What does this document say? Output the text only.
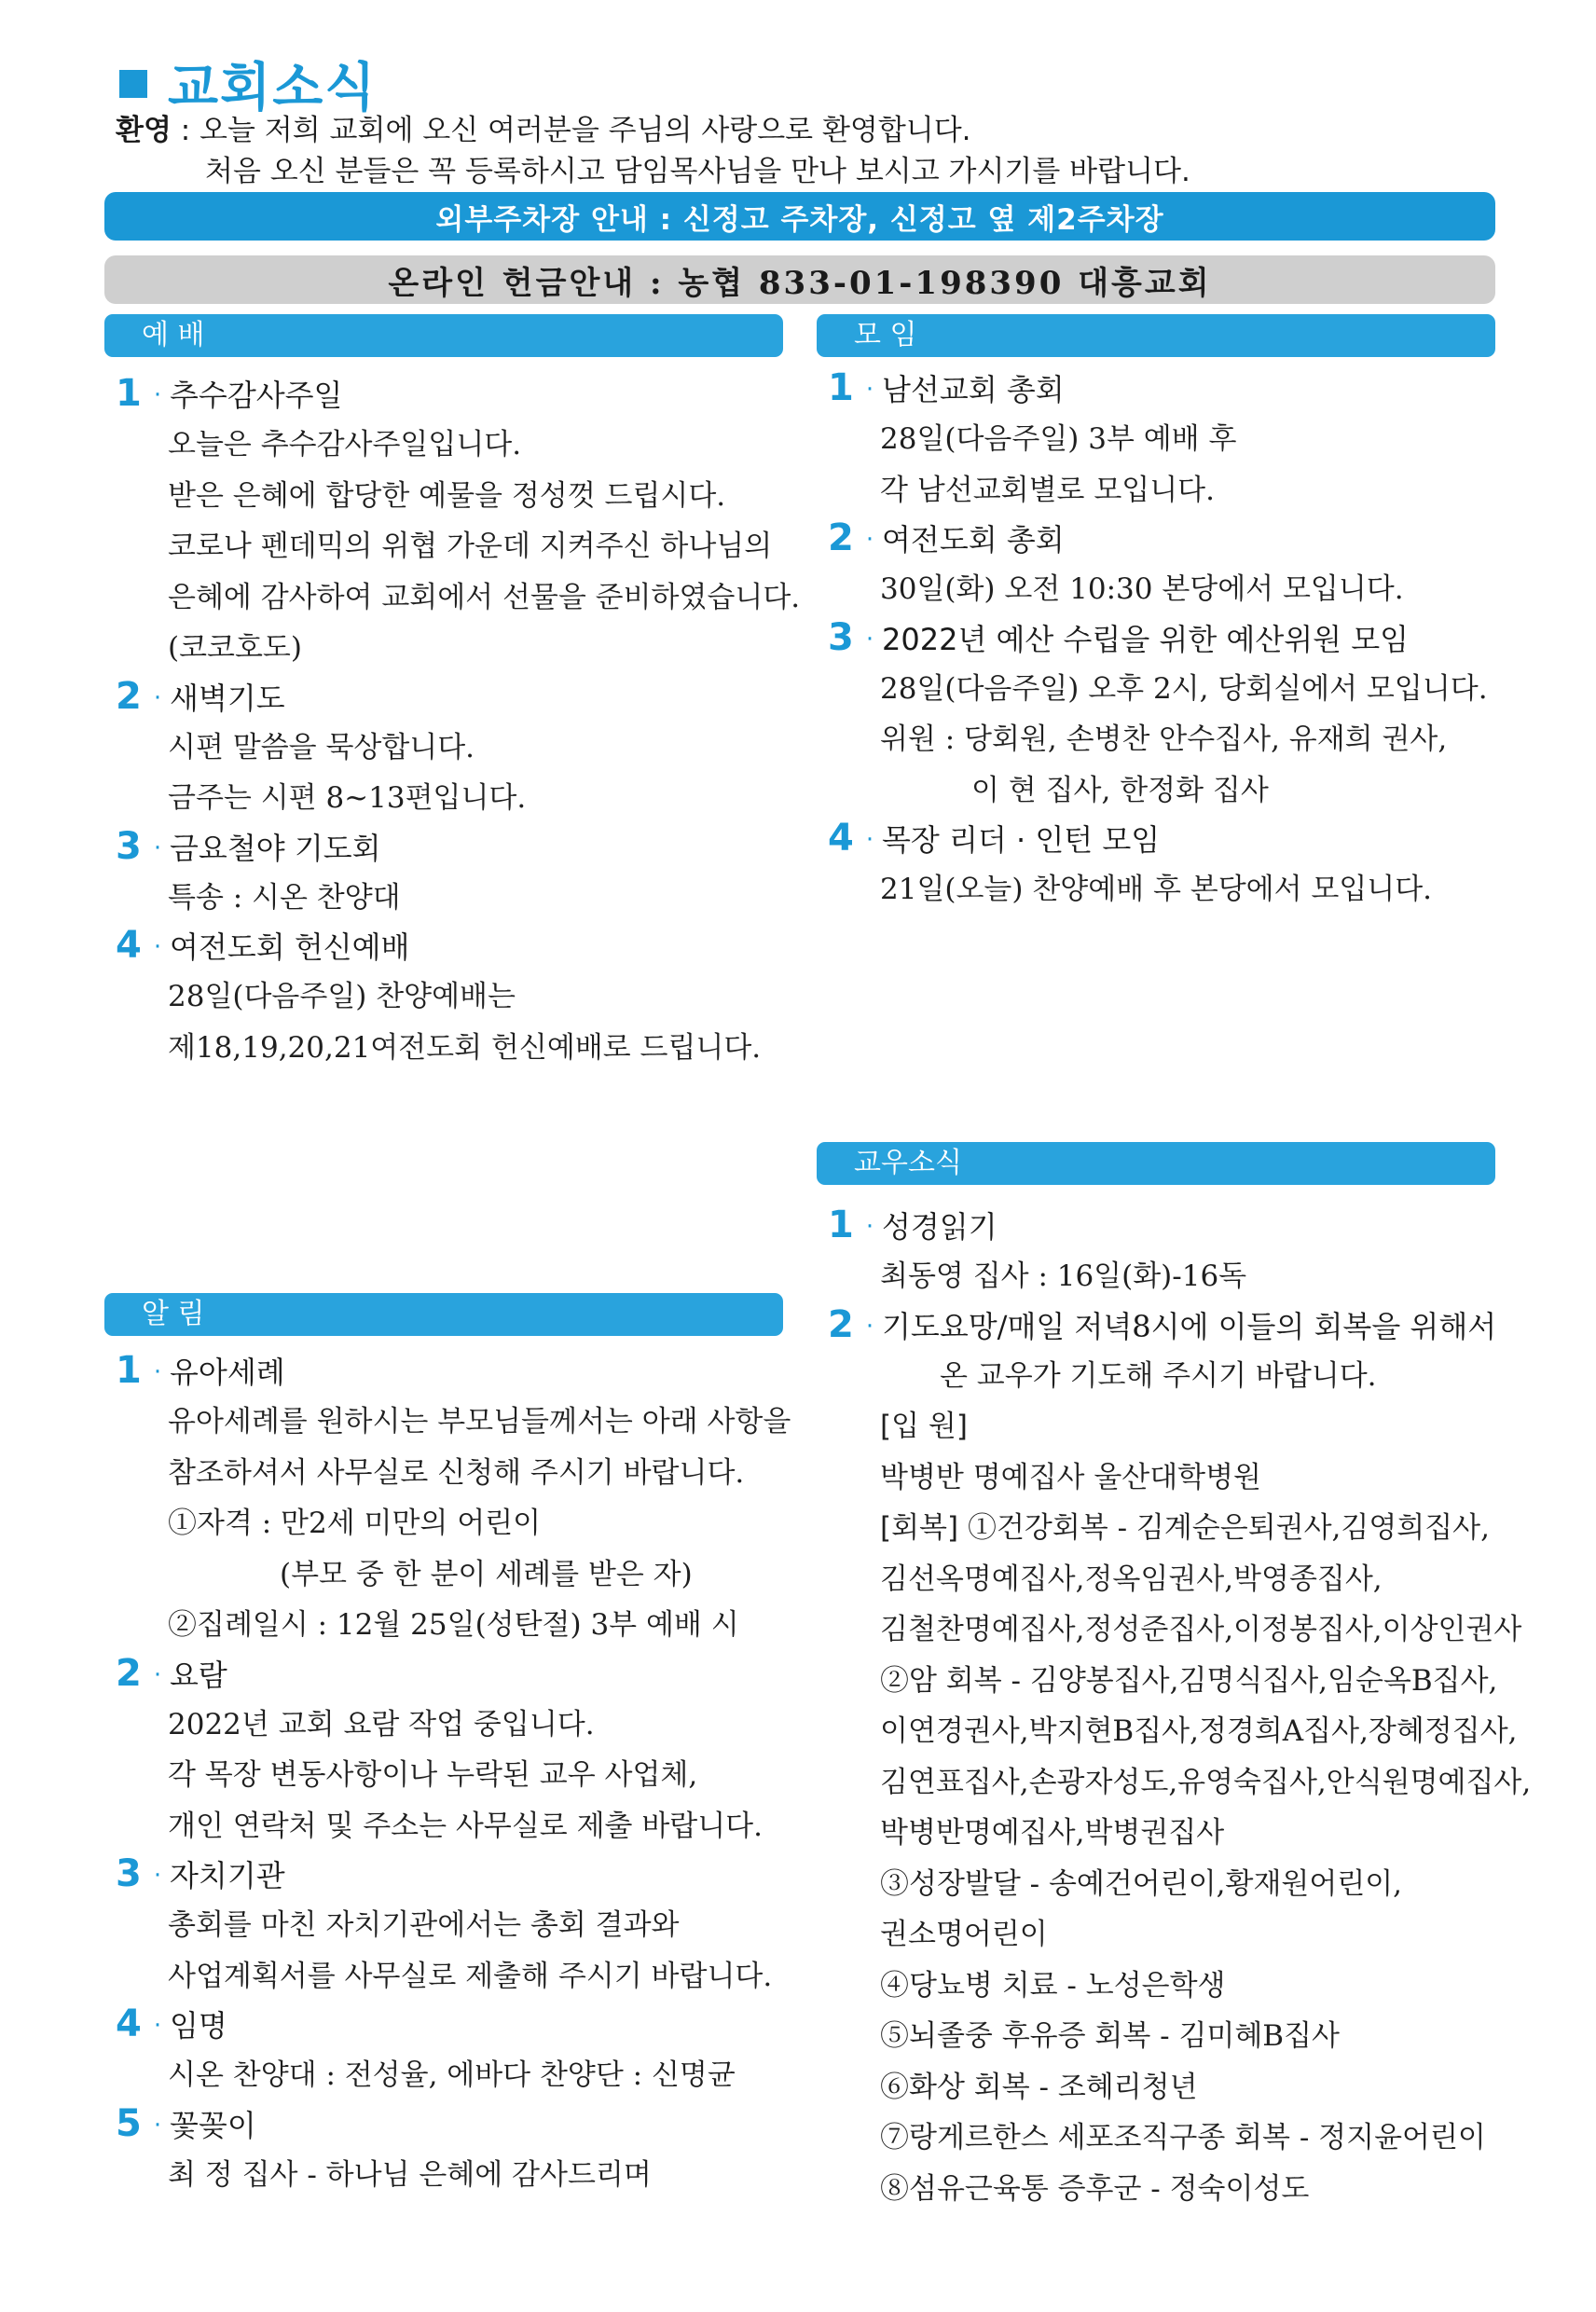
교회소식
환영 : 오늘 저희 교회에 오신 여러분을 주님의 사랑으로 환영합니다.
처음 오신 분들은 꼭 등록하시고 담임목사님을 만나 보시고 가시기를 바랍니다.
외부주차장 안내 : 신정고 주차장, 신정고 옆 제2주차장
온라인 헌금안내 : 농협 833-01-198390 대흥교회
예 배
1 · 추수감사주일
오늘은 추수감사주일입니다.
받은 은혜에 합당한 예물을 정성껏 드립시다.
코로나 펜데믹의 위협 가운데 지켜주신 하나님의
은혜에 감사하여 교회에서 선물을 준비하였습니다.
(코코호도)
2 · 새벽기도
시편 말씀을 묵상합니다.
금주는 시편 8~13편입니다.
3 · 금요철야 기도회
특송 : 시온 찬양대
4 · 여전도회 헌신예배
28일(다음주일) 찬양예배는
제18,19,20,21여전도회 헌신예배로 드립니다.
모 임
1 · 남선교회 총회
28일(다음주일) 3부 예배 후
각 남선교회별로 모입니다.
2 · 여전도회 총회
30일(화) 오전 10:30 본당에서 모입니다.
3 · 2022년 예산 수립을 위한 예산위원 모임
28일(다음주일) 오후 2시, 당회실에서 모입니다.
위원 : 당회원, 손병찬 안수집사, 유재희 권사,
이 현 집사, 한정화 집사
4 · 목장 리더 · 인턴 모임
21일(오늘) 찬양예배 후 본당에서 모입니다.
알 림
1 · 유아세례
유아세례를 원하시는 부모님들께서는 아래 사항을
참조하셔서 사무실로 신청해 주시기 바랍니다.
①자격 : 만2세 미만의 어린이
(부모 중 한 분이 세례를 받은 자)
②집례일시 : 12월 25일(성탄절) 3부 예배 시
2 · 요람
2022년 교회 요람 작업 중입니다.
각 목장 변동사항이나 누락된 교우 사업체,
개인 연락처 및 주소는 사무실로 제출 바랍니다.
3 · 자치기관
총회를 마친 자치기관에서는 총회 결과와
사업계획서를 사무실로 제출해 주시기 바랍니다.
4 · 임명
시온 찬양대 : 전성율, 에바다 찬양단 : 신명균
5 · 꽃꽂이
최 정 집사 - 하나님 은혜에 감사드리며
교우소식
1 · 성경읽기
최동영 집사 : 16일(화)-16독
2 · 기도요망/매일 저녁8시에 이들의 회복을 위해서
온 교우가 기도해 주시기 바랍니다.
[입 원]
박병반 명예집사 울산대학병원
[회복] ①건강회복 - 김계순은퇴권사,김영희집사,
김선옥명예집사,정옥임권사,박영종집사,
김철찬명예집사,정성준집사,이정봉집사,이상인권사
②암 회복 - 김양봉집사,김명식집사,임순옥B집사,
이연경권사,박지현B집사,정경희A집사,장혜정집사,
김연표집사,손광자성도,유영숙집사,안식원명예집사,
박병반명예집사,박병권집사
③성장발달 - 송예건어린이,황재원어린이,
권소명어린이
④당뇨병 치료 - 노성은학생
⑤뇌졸중 후유증 회복 - 김미혜B집사
⑥화상 회복 - 조혜리청년
⑦랑게르한스 세포조직구종 회복 - 정지윤어린이
⑧섬유근육통 증후군 - 정숙이성도
